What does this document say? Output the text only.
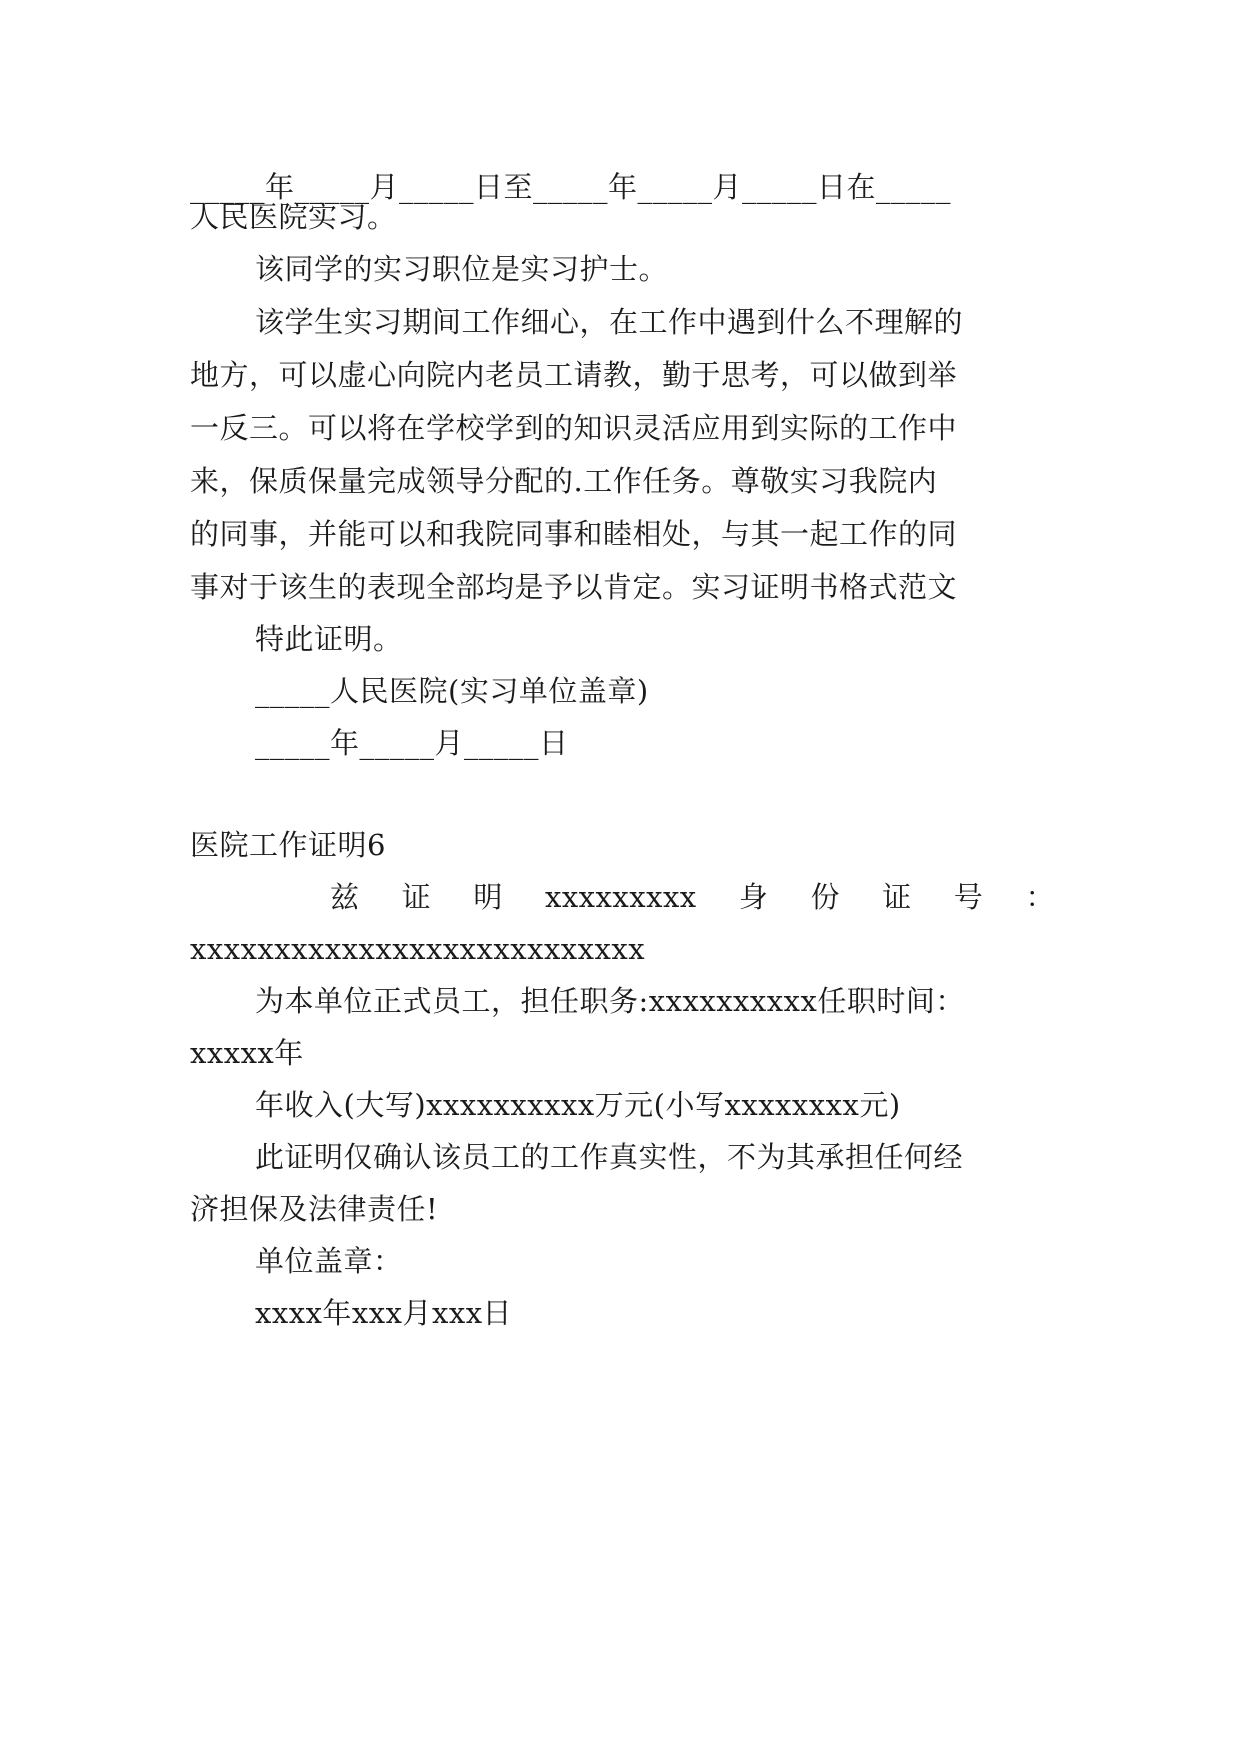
_____年_____月_____日至_____年_____月_____日在_____
人民医院实习。
该同学的实习职位是实习护士。
该学生实习期间工作细心，在工作中遇到什么不理解的
地方，可以虚心向院内老员工请教，勤于思考，可以做到举
一反三。可以将在学校学到的知识灵活应用到实际的工作中
来，保质保量完成领导分配的.工作任务。尊敬实习我院内
的同事，并能可以和我院同事和睦相处，与其一起工作的同
事对于该生的表现全部均是予以肯定。实习证明书格式范文
特此证明。
_____人民医院(实习单位盖章)
_____年_____月_____日
医院工作证明6
兹 证 明 xxxxxxxxx 身 份 证 号 ：
xxxxxxxxxxxxxxxxxxxxxxxxxxx
为本单位正式员工，担任职务:xxxxxxxxxx任职时间：
xxxxx年
年收入(大写)xxxxxxxxxx万元(小写xxxxxxxx元)
此证明仅确认该员工的工作真实性，不为其承担任何经
济担保及法律责任!
单位盖章：
xxxx年xxx月xxx日
